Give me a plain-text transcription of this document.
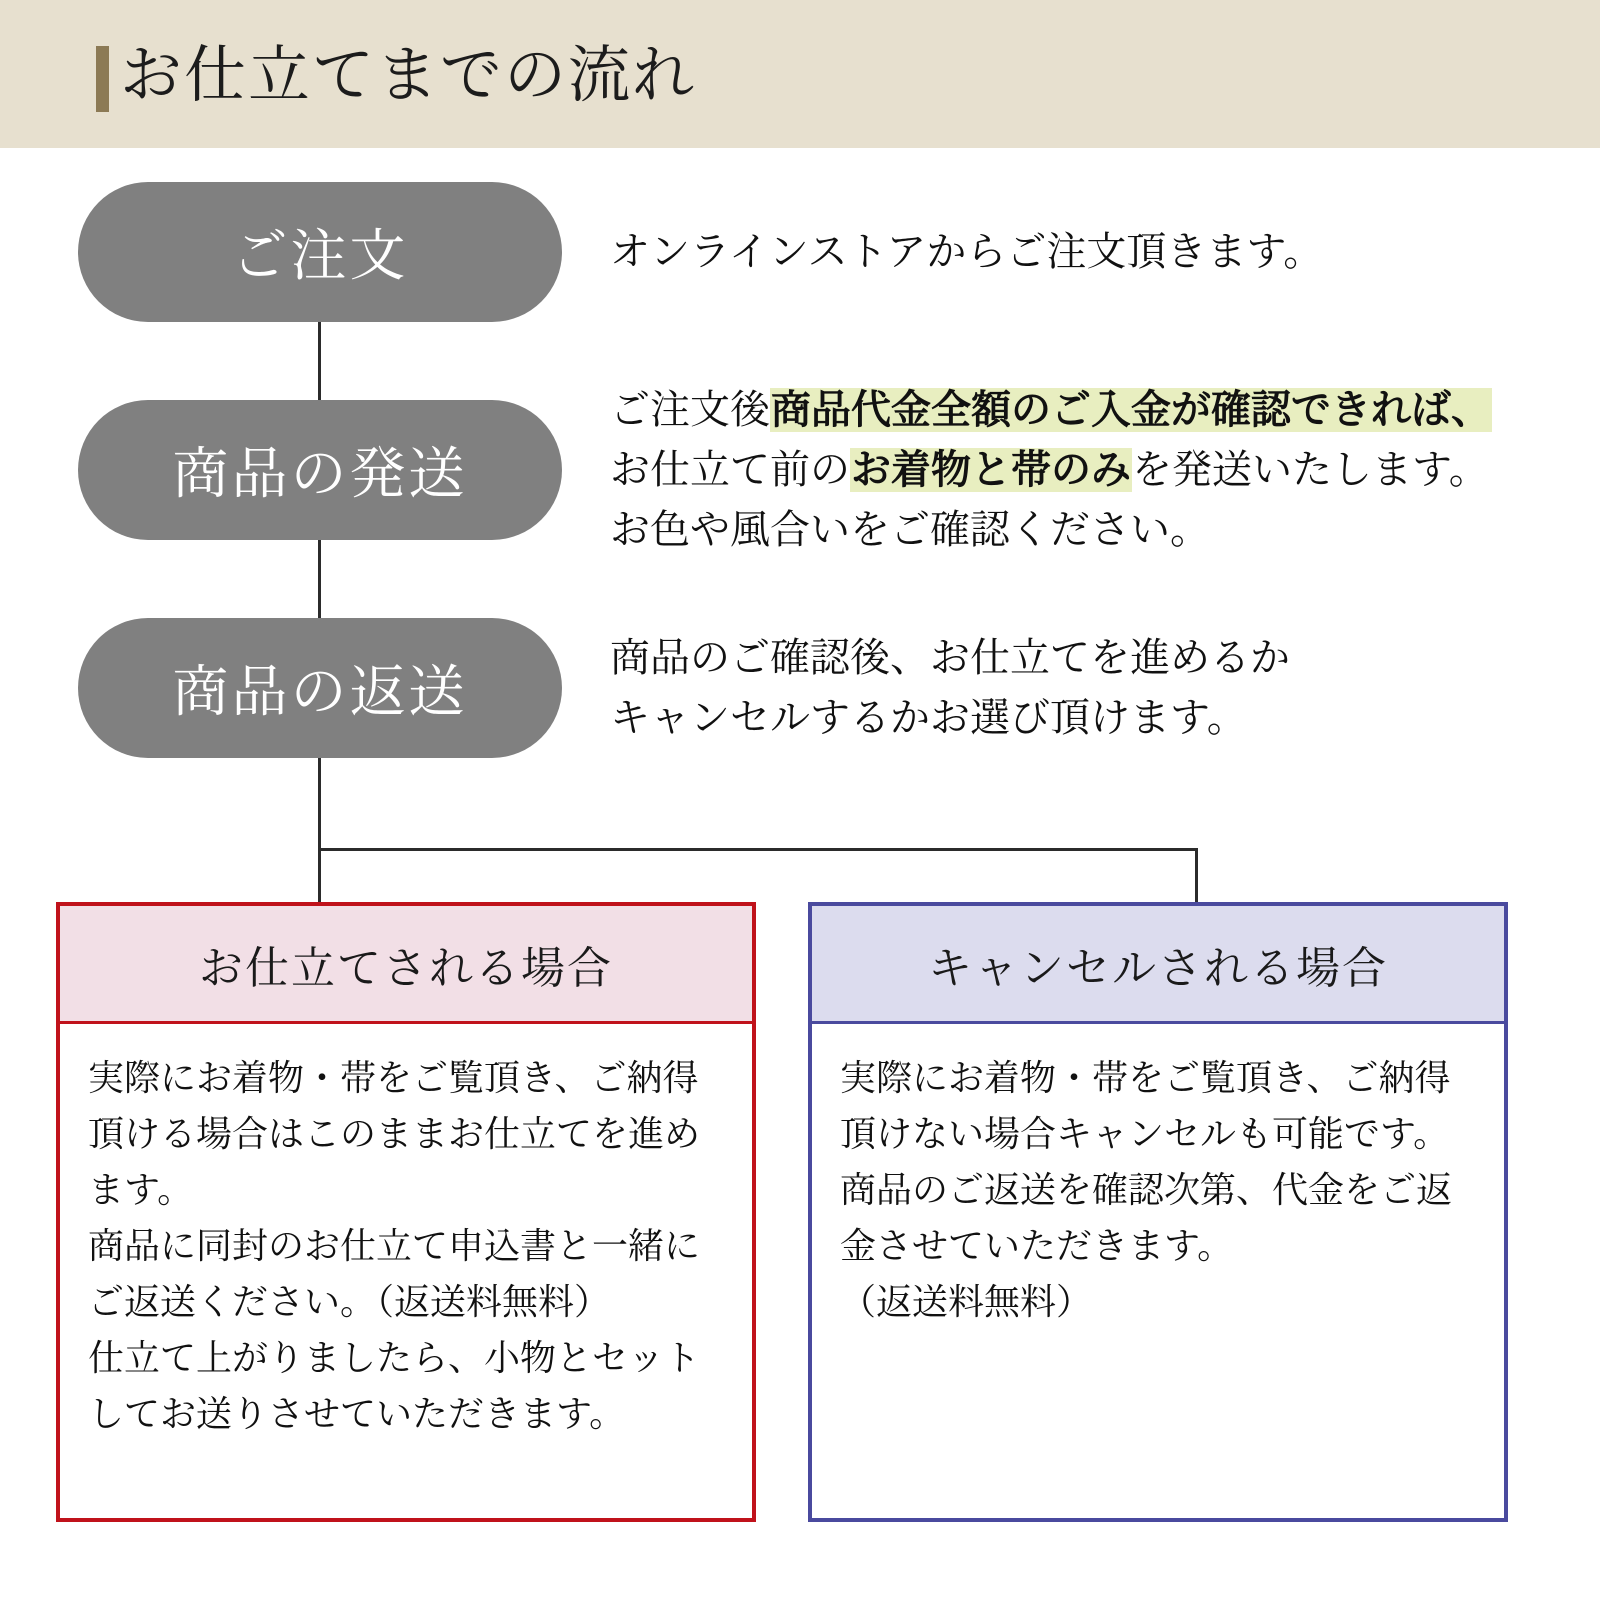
お仕立てまでの流れ
ご注文	オンラインストアからご注文頂きます。
商品の発送
ご注文後商品代金全額のご入金が確認できれば、
お仕立て前のお着物と帯のみを発送いたします。
お色や風合いをご確認ください。
商品の返送
商品のご確認後、お仕立てを進めるか
キャンセルするかお選び頂けます。
お仕立てされる場合

実際にお着物・帯をご覧頂き、ご納得頂ける場合はこのままお仕立てを進めます。

商品に同封のお仕立て申込書と一緒にご返送ください。（返送料無料）

仕立て上がりましたら、小物とセットしてお送りさせていただきます。

キャンセルされる場合

実際にお着物・帯をご覧頂き、ご納得頂けない場合キャンセルも可能です。

商品のご返送を確認次第、代金をご返金させていただきます。

（返送料無料）
